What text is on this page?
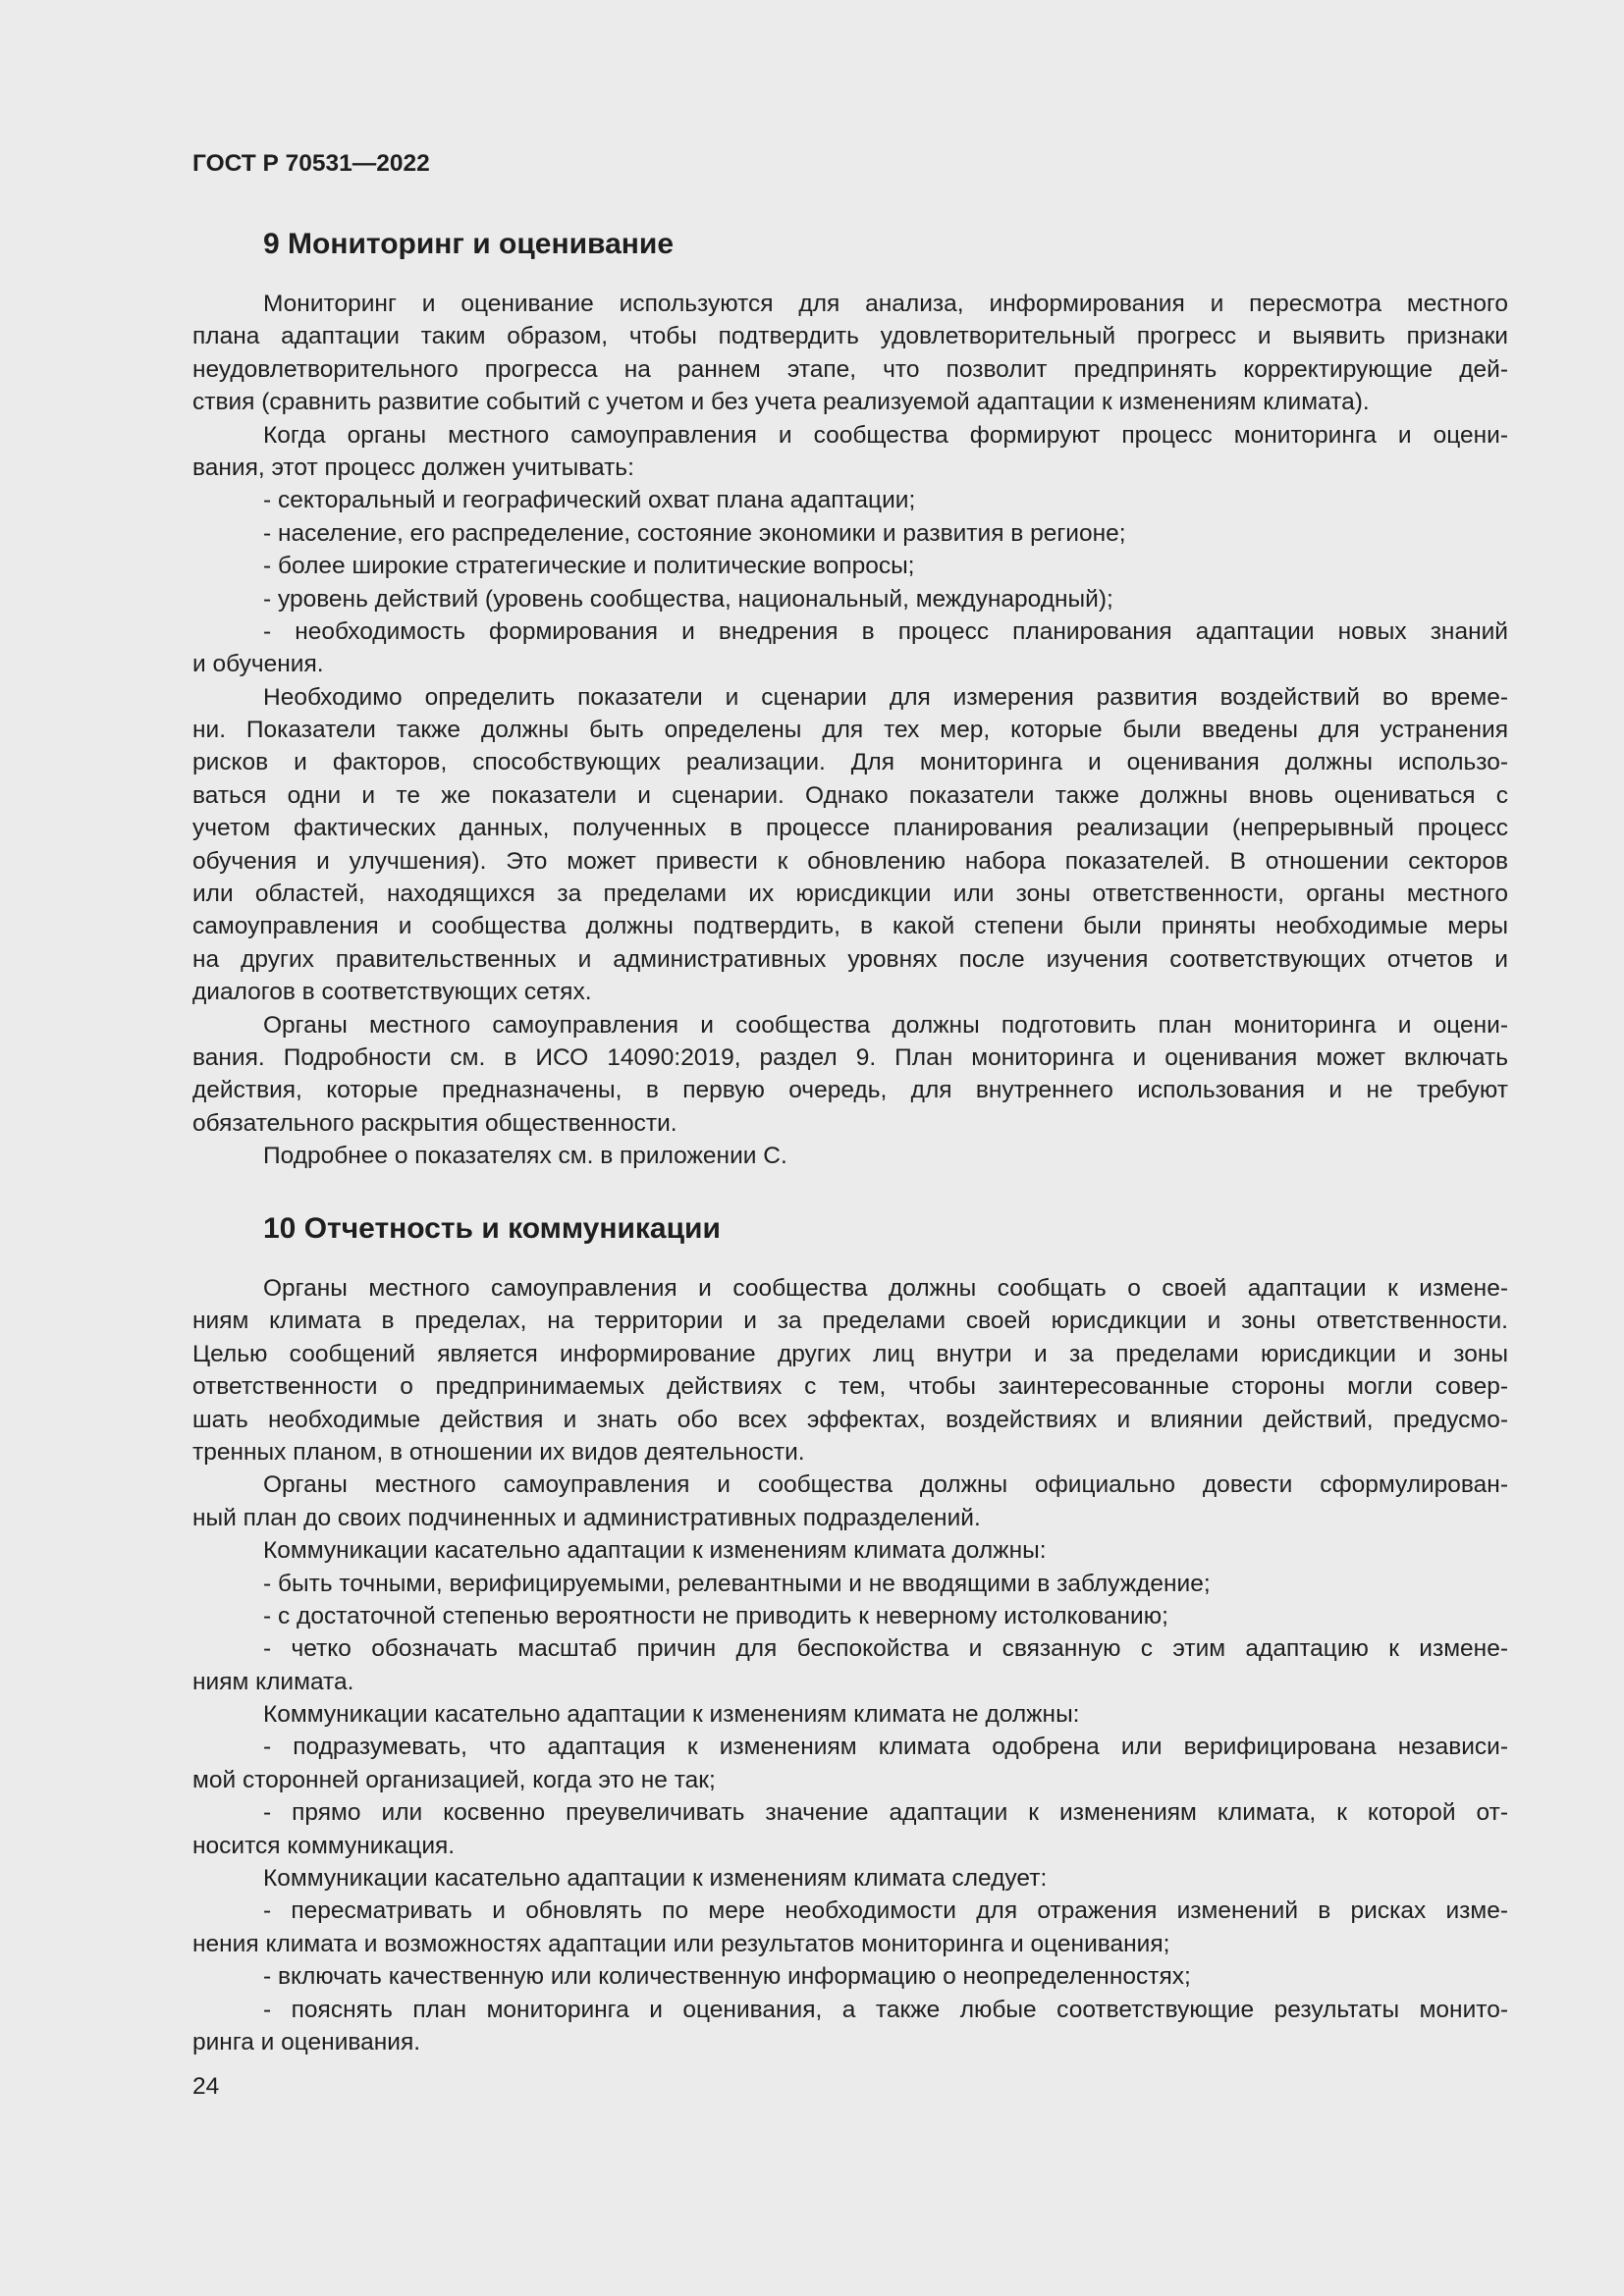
ГОСТ Р 70531—2022
9 Мониторинг и оценивание
Мониторинг и оценивание используются для анализа, информирования и пересмотра местного
плана адаптации таким образом, чтобы подтвердить удовлетворительный прогресс и выявить признаки
неудовлетворительного прогресса на раннем этапе, что позволит предпринять корректирующие дей-
ствия (сравнить развитие событий с учетом и без учета реализуемой адаптации к изменениям климата).
Когда органы местного самоуправления и сообщества формируют процесс мониторинга и оцени-
вания, этот процесс должен учитывать:
- секторальный и географический охват плана адаптации;
- население, его распределение, состояние экономики и развития в регионе;
- более широкие стратегические и политические вопросы;
- уровень действий (уровень сообщества, национальный, международный);
- необходимость формирования и внедрения в процесс планирования адаптации новых знаний
и обучения.
Необходимо определить показатели и сценарии для измерения развития воздействий во време-
ни. Показатели также должны быть определены для тех мер, которые были введены для устранения
рисков и факторов, способствующих реализации. Для мониторинга и оценивания должны использо-
ваться одни и те же показатели и сценарии. Однако показатели также должны вновь оцениваться с
учетом фактических данных, полученных в процессе планирования реализации (непрерывный процесс
обучения и улучшения). Это может привести к обновлению набора показателей. В отношении секторов
или областей, находящихся за пределами их юрисдикции или зоны ответственности, органы местного
самоуправления и сообщества должны подтвердить, в какой степени были приняты необходимые меры
на других правительственных и административных уровнях после изучения соответствующих отчетов и
диалогов в соответствующих сетях.
Органы местного самоуправления и сообщества должны подготовить план мониторинга и оцени-
вания. Подробности см. в ИСО 14090:2019, раздел 9. План мониторинга и оценивания может включать
действия, которые предназначены, в первую очередь, для внутреннего использования и не требуют
обязательного раскрытия общественности.
Подробнее о показателях см. в приложении С.
10 Отчетность и коммуникации
Органы местного самоуправления и сообщества должны сообщать о своей адаптации к измене-
ниям климата в пределах, на территории и за пределами своей юрисдикции и зоны ответственности.
Целью сообщений является информирование других лиц внутри и за пределами юрисдикции и зоны
ответственности о предпринимаемых действиях с тем, чтобы заинтересованные стороны могли совер-
шать необходимые действия и знать обо всех эффектах, воздействиях и влиянии действий, предусмо-
тренных планом, в отношении их видов деятельности.
Органы местного самоуправления и сообщества должны официально довести сформулирован-
ный план до своих подчиненных и административных подразделений.
Коммуникации касательно адаптации к изменениям климата должны:
- быть точными, верифицируемыми, релевантными и не вводящими в заблуждение;
- с достаточной степенью вероятности не приводить к неверному истолкованию;
- четко обозначать масштаб причин для беспокойства и связанную с этим адаптацию к измене-
ниям климата.
Коммуникации касательно адаптации к изменениям климата не должны:
- подразумевать, что адаптация к изменениям климата одобрена или верифицирована независи-
мой сторонней организацией, когда это не так;
- прямо или косвенно преувеличивать значение адаптации к изменениям климата, к которой от-
носится коммуникация.
Коммуникации касательно адаптации к изменениям климата следует:
- пересматривать и обновлять по мере необходимости для отражения изменений в рисках изме-
нения климата и возможностях адаптации или результатов мониторинга и оценивания;
- включать качественную или количественную информацию о неопределенностях;
- пояснять план мониторинга и оценивания, а также любые соответствующие результаты монито-
ринга и оценивания.
24
